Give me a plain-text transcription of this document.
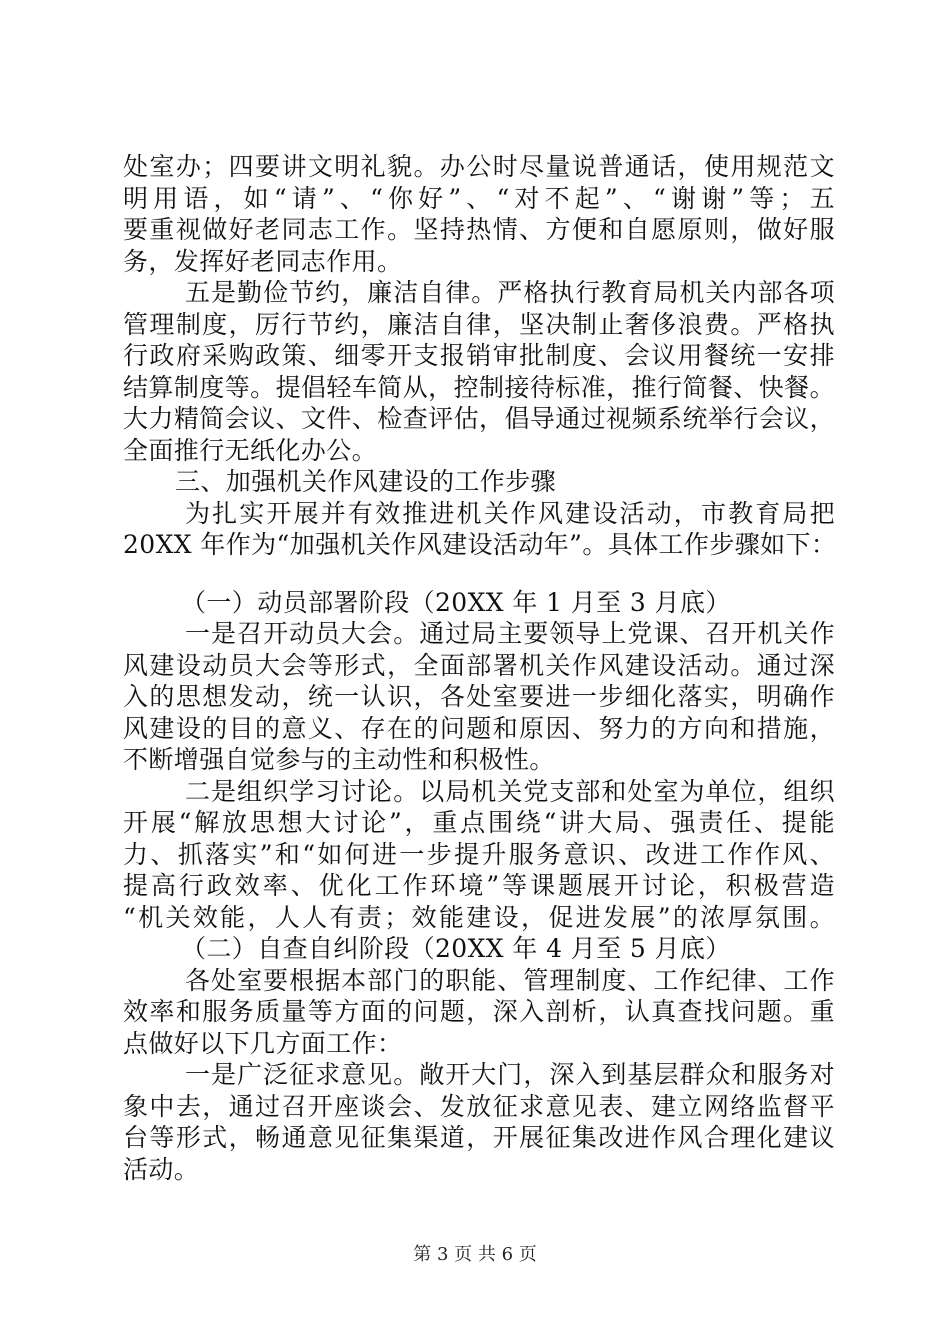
处室办；四要讲文明礼貌。办公时尽量说普通话，使用规范文
明用语，如“请”、“你好”、“对不起”、“谢谢”等；五
要重视做好老同志工作。坚持热情、方便和自愿原则，做好服
务，发挥好老同志作用。
五是勤俭节约，廉洁自律。严格执行教育局机关内部各项
管理制度，厉行节约，廉洁自律，坚决制止奢侈浪费。严格执
行政府采购政策、细零开支报销审批制度、会议用餐统一安排
结算制度等。提倡轻车简从，控制接待标准，推行简餐、快餐。
大力精简会议、文件、检查评估，倡导通过视频系统举行会议，
全面推行无纸化办公。
三、加强机关作风建设的工作步骤
为扎实开展并有效推进机关作风建设活动，市教育局把
20XX 年作为“加强机关作风建设活动年”。具体工作步骤如下：
（一）动员部署阶段（20XX 年 1 月至 3 月底）
一是召开动员大会。通过局主要领导上党课、召开机关作
风建设动员大会等形式，全面部署机关作风建设活动。通过深
入的思想发动，统一认识，各处室要进一步细化落实，明确作
风建设的目的意义、存在的问题和原因、努力的方向和措施，
不断增强自觉参与的主动性和积极性。
二是组织学习讨论。以局机关党支部和处室为单位，组织
开展“解放思想大讨论”，重点围绕“讲大局、强责任、提能
力、抓落实”和“如何进一步提升服务意识、改进工作作风、
提高行政效率、优化工作环境”等课题展开讨论，积极营造
“机关效能，人人有责；效能建设，促进发展”的浓厚氛围。
（二）自查自纠阶段（20XX 年 4 月至 5 月底）
各处室要根据本部门的职能、管理制度、工作纪律、工作
效率和服务质量等方面的问题，深入剖析，认真查找问题。重
点做好以下几方面工作：
一是广泛征求意见。敞开大门，深入到基层群众和服务对
象中去，通过召开座谈会、发放征求意见表、建立网络监督平
台等形式，畅通意见征集渠道，开展征集改进作风合理化建议
活动。
第 3 页 共 6 页
